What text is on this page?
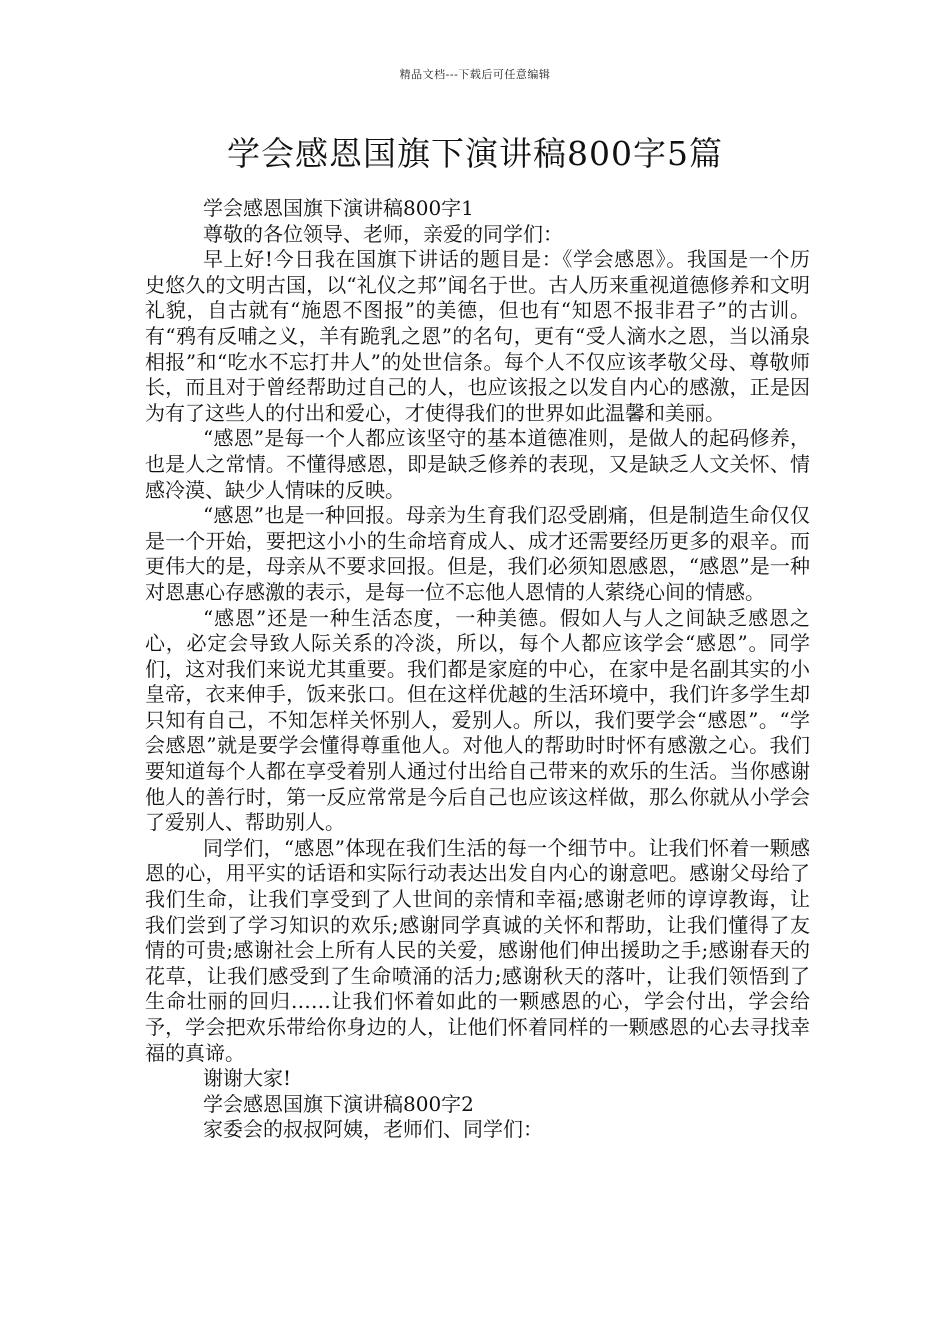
精品文档---下载后可任意编辑
学会感恩国旗下演讲稿800字5篇

学会感恩国旗下演讲稿800字1

尊敬的各位领导、老师，亲爱的同学们：

早上好!今日我在国旗下讲话的题目是：《学会感恩》。我国是一个历史悠久的文明古国，以“礼仪之邦”闻名于世。古人历来重视道德修养和文明礼貌，自古就有“施恩不图报”的美德，但也有“知恩不报非君子”的古训。有“鸦有反哺之义，羊有跪乳之恩”的名句，更有“受人滴水之恩，当以涌泉相报”和“吃水不忘打井人”的处世信条。每个人不仅应该孝敬父母、尊敬师长，而且对于曾经帮助过自己的人，也应该报之以发自内心的感激，正是因为有了这些人的付出和爱心，才使得我们的世界如此温馨和美丽。

“感恩”是每一个人都应该坚守的基本道德准则，是做人的起码修养，也是人之常情。不懂得感恩，即是缺乏修养的表现，又是缺乏人文关怀、情感冷漠、缺少人情味的反映。

“感恩”也是一种回报。母亲为生育我们忍受剧痛，但是制造生命仅仅是一个开始，要把这小小的生命培育成人、成才还需要经历更多的艰辛。而更伟大的是，母亲从不要求回报。但是，我们必须知恩感恩，“感恩”是一种对恩惠心存感激的表示，是每一位不忘他人恩情的人萦绕心间的情感。

“感恩”还是一种生活态度，一种美德。假如人与人之间缺乏感恩之心，必定会导致人际关系的冷淡，所以，每个人都应该学会“感恩”。同学们，这对我们来说尤其重要。我们都是家庭的中心，在家中是名副其实的小皇帝，衣来伸手，饭来张口。但在这样优越的生活环境中，我们许多学生却只知有自己，不知怎样关怀别人，爱别人。所以，我们要学会“感恩”。“学会感恩”就是要学会懂得尊重他人。对他人的帮助时时怀有感激之心。我们要知道每个人都在享受着别人通过付出给自己带来的欢乐的生活。当你感谢他人的善行时，第一反应常常是今后自己也应该这样做，那么你就从小学会了爱别人、帮助别人。

同学们，“感恩”体现在我们生活的每一个细节中。让我们怀着一颗感恩的心，用平实的话语和实际行动表达出发自内心的谢意吧。感谢父母给了我们生命，让我们享受到了人世间的亲情和幸福;感谢老师的谆谆教诲，让我们尝到了学习知识的欢乐;感谢同学真诚的关怀和帮助，让我们懂得了友情的可贵;感谢社会上所有人民的关爱，感谢他们伸出援助之手;感谢春天的花草，让我们感受到了生命喷涌的活力;感谢秋天的落叶，让我们领悟到了生命壮丽的回归……让我们怀着如此的一颗感恩的心，学会付出，学会给予，学会把欢乐带给你身边的人，让他们怀着同样的一颗感恩的心去寻找幸福的真谛。

谢谢大家!

学会感恩国旗下演讲稿800字2

家委会的叔叔阿姨，老师们、同学们：
